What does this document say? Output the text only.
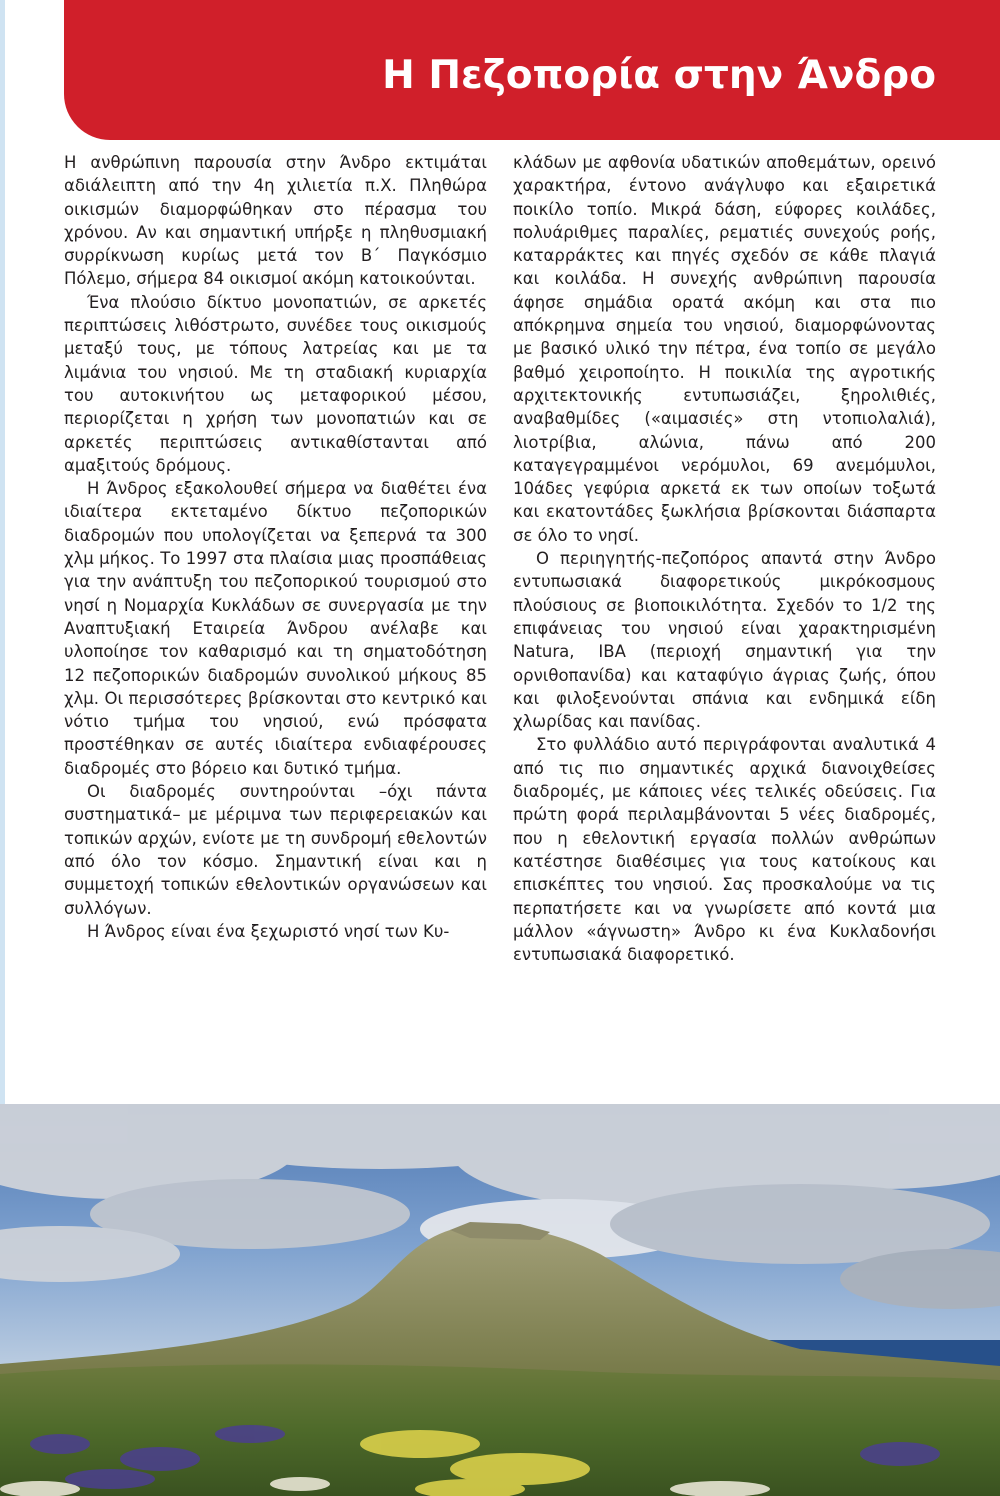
Η Πεζοπορία στην Άνδρο

Η ανθρώπινη παρουσία στην Άνδρο εκτιμάται αδιάλειπτη από την 4η χιλιετία π.Χ. Πληθώρα οικισμών διαμορφώθηκαν στο πέρασμα του χρόνου. Αν και σημαντική υπήρξε η πληθυσμιακή συρρίκνωση κυρίως μετά τον Β΄ Παγκόσμιο Πόλεμο, σήμερα 84 οικισμοί ακόμη κατοικούνται.

Ένα πλούσιο δίκτυο μονοπατιών, σε αρκετές περιπτώσεις λιθόστρωτο, συνέδεε τους οικισμούς μεταξύ τους, με τόπους λατρείας και με τα λιμάνια του νησιού. Με τη σταδιακή κυριαρχία του αυτοκινήτου ως μεταφορικού μέσου, περιορίζεται η χρήση των μονοπατιών και σε αρκετές περιπτώσεις αντικαθίστανται από αμαξιτούς δρόμους.

Η Άνδρος εξακολουθεί σήμερα να διαθέτει ένα ιδιαίτερα εκτεταμένο δίκτυο πεζοπορικών διαδρομών που υπολογίζεται να ξεπερνά τα 300 χλμ μήκος. Το 1997 στα πλαίσια μιας προσπάθειας για την ανάπτυξη του πεζοπορικού τουρισμού στο νησί η Νομαρχία Κυκλάδων σε συνεργασία με την Αναπτυξιακή Εταιρεία Άνδρου ανέλαβε και υλοποίησε τον καθαρισμό και τη σηματοδότηση 12 πεζοπορικών διαδρομών συνολικού μήκους 85 χλμ. Οι περισσότερες βρίσκονται στο κεντρικό και νότιο τμήμα του νησιού, ενώ πρόσφατα προστέθηκαν σε αυτές ιδιαίτερα ενδιαφέρουσες διαδρομές στο βόρειο και δυτικό τμήμα.

Οι διαδρομές συντηρούνται –όχι πάντα συστηματικά– με μέριμνα των περιφερειακών και τοπικών αρχών, ενίοτε με τη συνδρομή εθελοντών από όλο τον κόσμο. Σημαντική είναι και η συμμετοχή τοπικών εθελοντικών οργανώσεων και συλλόγων.

Η Άνδρος είναι ένα ξεχωριστό νησί των Κυ-

κλάδων με αφθονία υδατικών αποθεμάτων, ορεινό χαρακτήρα, έντονο ανάγλυφο και εξαιρετικά ποικίλο τοπίο. Μικρά δάση, εύφορες κοιλάδες, πολυάριθμες παραλίες, ρεματιές συνεχούς ροής, καταρράκτες και πηγές σχεδόν σε κάθε πλαγιά και κοιλάδα. Η συνεχής ανθρώπινη παρουσία άφησε σημάδια ορατά ακόμη και στα πιο απόκρημνα σημεία του νησιού, διαμορφώνοντας με βασικό υλικό την πέτρα, ένα τοπίο σε μεγάλο βαθμό χειροποίητο. Η ποικιλία της αγροτικής αρχιτεκτονικής εντυπωσιάζει, ξηρολιθιές, αναβαθμίδες («αιμασιές» στη ντοπιολαλιά), λιοτρίβια, αλώνια, πάνω από 200 καταγεγραμμένοι νερόμυλοι, 69 ανεμόμυλοι, 10άδες γεφύρια αρκετά εκ των οποίων τοξωτά και εκατοντάδες ξωκλήσια βρίσκονται διάσπαρτα σε όλο το νησί.

Ο περιηγητής-πεζοπόρος απαντά στην Άνδρο εντυπωσιακά διαφορετικούς μικρόκοσμους πλούσιους σε βιοποικιλότητα. Σχεδόν το 1/2 της επιφάνειας του νησιού είναι χαρακτηρισμένη Natura, IBA (περιοχή σημαντική για την ορνιθοπανίδα) και καταφύγιο άγριας ζωής, όπου και φιλοξενούνται σπάνια και ενδημικά είδη χλωρίδας και πανίδας.

Στο φυλλάδιο αυτό περιγράφονται αναλυτικά 4 από τις πιο σημαντικές αρχικά διανοιχθείσες διαδρομές, με κάποιες νέες τελικές οδεύσεις. Για πρώτη φορά περιλαμβάνονται 5 νέες διαδρομές, που η εθελοντική εργασία πολλών ανθρώπων κατέστησε διαθέσιμες για τους κατοίκους και επισκέπτες του νησιού. Σας προσκαλούμε να τις περπατήσετε και να γνωρίσετε από κοντά μια μάλλον «άγνωστη» Άνδρο κι ένα Κυκλαδονήσι εντυπωσιακά διαφορετικό.
